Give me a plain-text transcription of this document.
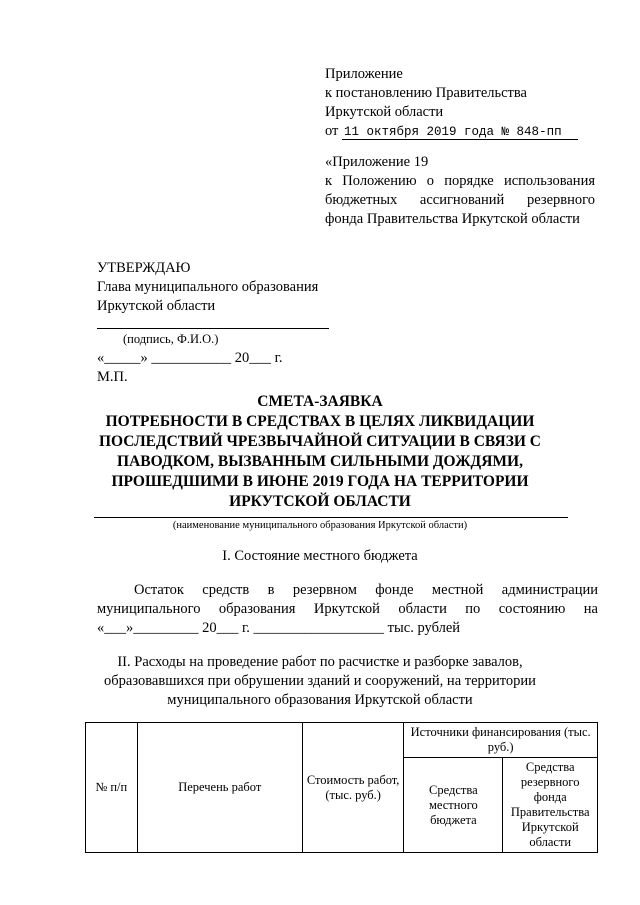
Приложение
к постановлению Правительства
Иркутской области
от 11 октября 2019 года № 848-пп
«Приложение 19
к Положению о порядке использования
бюджетных ассигнований резервного
фонда Правительства Иркутской области
УТВЕРЖДАЮ
Глава муниципального образования
Иркутской области
(подпись, Ф.И.О.)
«_____» ___________ 20___ г.
М.П.
СМЕТА-ЗАЯВКА
ПОТРЕБНОСТИ В СРЕДСТВАХ В ЦЕЛЯХ ЛИКВИДАЦИИ
ПОСЛЕДСТВИЙ ЧРЕЗВЫЧАЙНОЙ СИТУАЦИИ В СВЯЗИ С
ПАВОДКОМ, ВЫЗВАННЫМ СИЛЬНЫМИ ДОЖДЯМИ,
ПРОШЕДШИМИ В ИЮНЕ 2019 ГОДА НА ТЕРРИТОРИИ
ИРКУТСКОЙ ОБЛАСТИ
(наименование муниципального образования Иркутской области)
I. Состояние местного бюджета
Остаток средств в резервном фонде местной администрации
муниципального образования Иркутской области по состоянию на
«___»_________ 20___ г. __________________ тыс. рублей
II. Расходы на проведение работ по расчистке и разборке завалов,
образовавшихся при обрушении зданий и сооружений, на территории
муниципального образования Иркутской области
№ п/п	Перечень работ	Стоимость работ, (тыс. руб.)	Источники финансирования (тыс. руб.)	
			Средства местного бюджета	Средства резервного фонда Правительства Иркутской области
